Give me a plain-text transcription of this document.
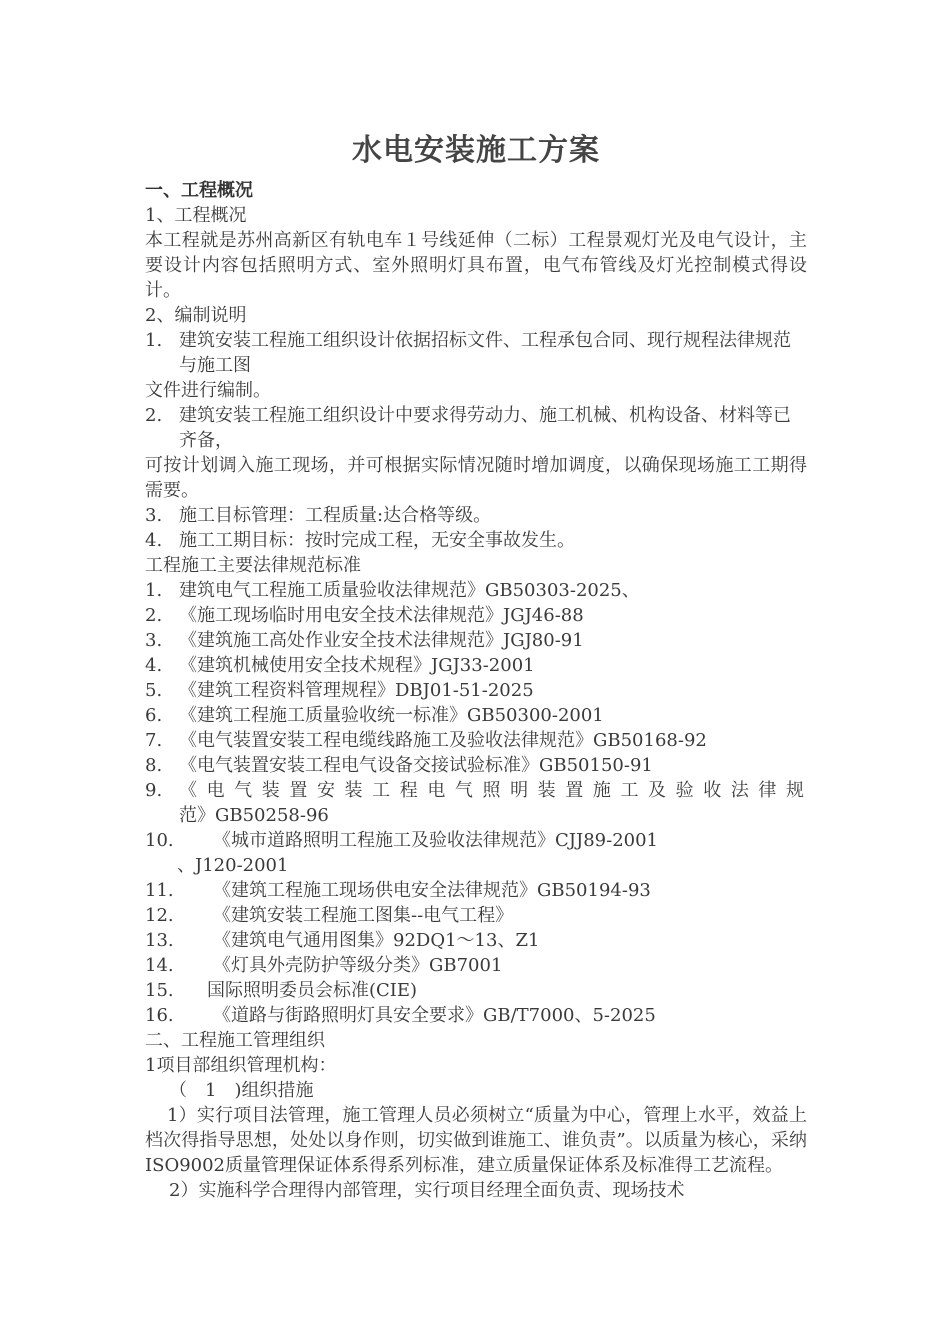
水电安装施工方案
一、工程概况
1、工程概况
本工程就是苏州高新区有轨电车１号线延伸（二标）工程景观灯光及电气设计，主要设计内容包括照明方式、室外照明灯具布置，电气布管线及灯光控制模式得设计。
2、编制说明
1. 建筑安装工程施工组织设计依据招标文件、工程承包合同、现行规程法律规范与施工图
文件进行编制。
2. 建筑安装工程施工组织设计中要求得劳动力、施工机械、机构设备、材料等已齐备，
可按计划调入施工现场，并可根据实际情况随时增加调度，以确保现场施工工期得需要。
3. 施工目标管理：工程质量:达合格等级。
4. 施工工期目标：按时完成工程，无安全事故发生。
工程施工主要法律规范标准
1. 建筑电气工程施工质量验收法律规范》GB50303-2025、
2. 《施工现场临时用电安全技术法律规范》JGJ46-88
3. 《建筑施工高处作业安全技术法律规范》JGJ80-91
4. 《建筑机械使用安全技术规程》JGJ33-2001
5. 《建筑工程资料管理规程》DBJ01-51-2025
6. 《建筑工程施工质量验收统一标准》GB50300-2001
7. 《电气装置安装工程电缆线路施工及验收法律规范》GB50168-92
8. 《电气装置安装工程电气设备交接试验标准》GB50150-91
9. 《电气装置安装工程电气照明装置施工及验收法律规
范》GB50258-96
10. 《城市道路照明工程施工及验收法律规范》CJJ89-2001
、J120-2001
11. 《建筑工程施工现场供电安全法律规范》GB50194-93
12. 《建筑安装工程施工图集--电气工程》
13. 《建筑电气通用图集》92DQ1～13、Z1
14. 《灯具外壳防护等级分类》GB7001
15. 国际照明委员会标准(CIE)
16. 《道路与街路照明灯具安全要求》GB/T7000、5-2025
二、工程施工管理组织
1项目部组织管理机构：
（　1　)组织措施
1）实行项目法管理，施工管理人员必须树立“质量为中心，管理上水平，效益上档次得指导思想，处处以身作则，切实做到谁施工、谁负责”。以质量为核心，采纳ISO9002质量管理保证体系得系列标准，建立质量保证体系及标准得工艺流程。
2）实施科学合理得内部管理，实行项目经理全面负责、现场技术
